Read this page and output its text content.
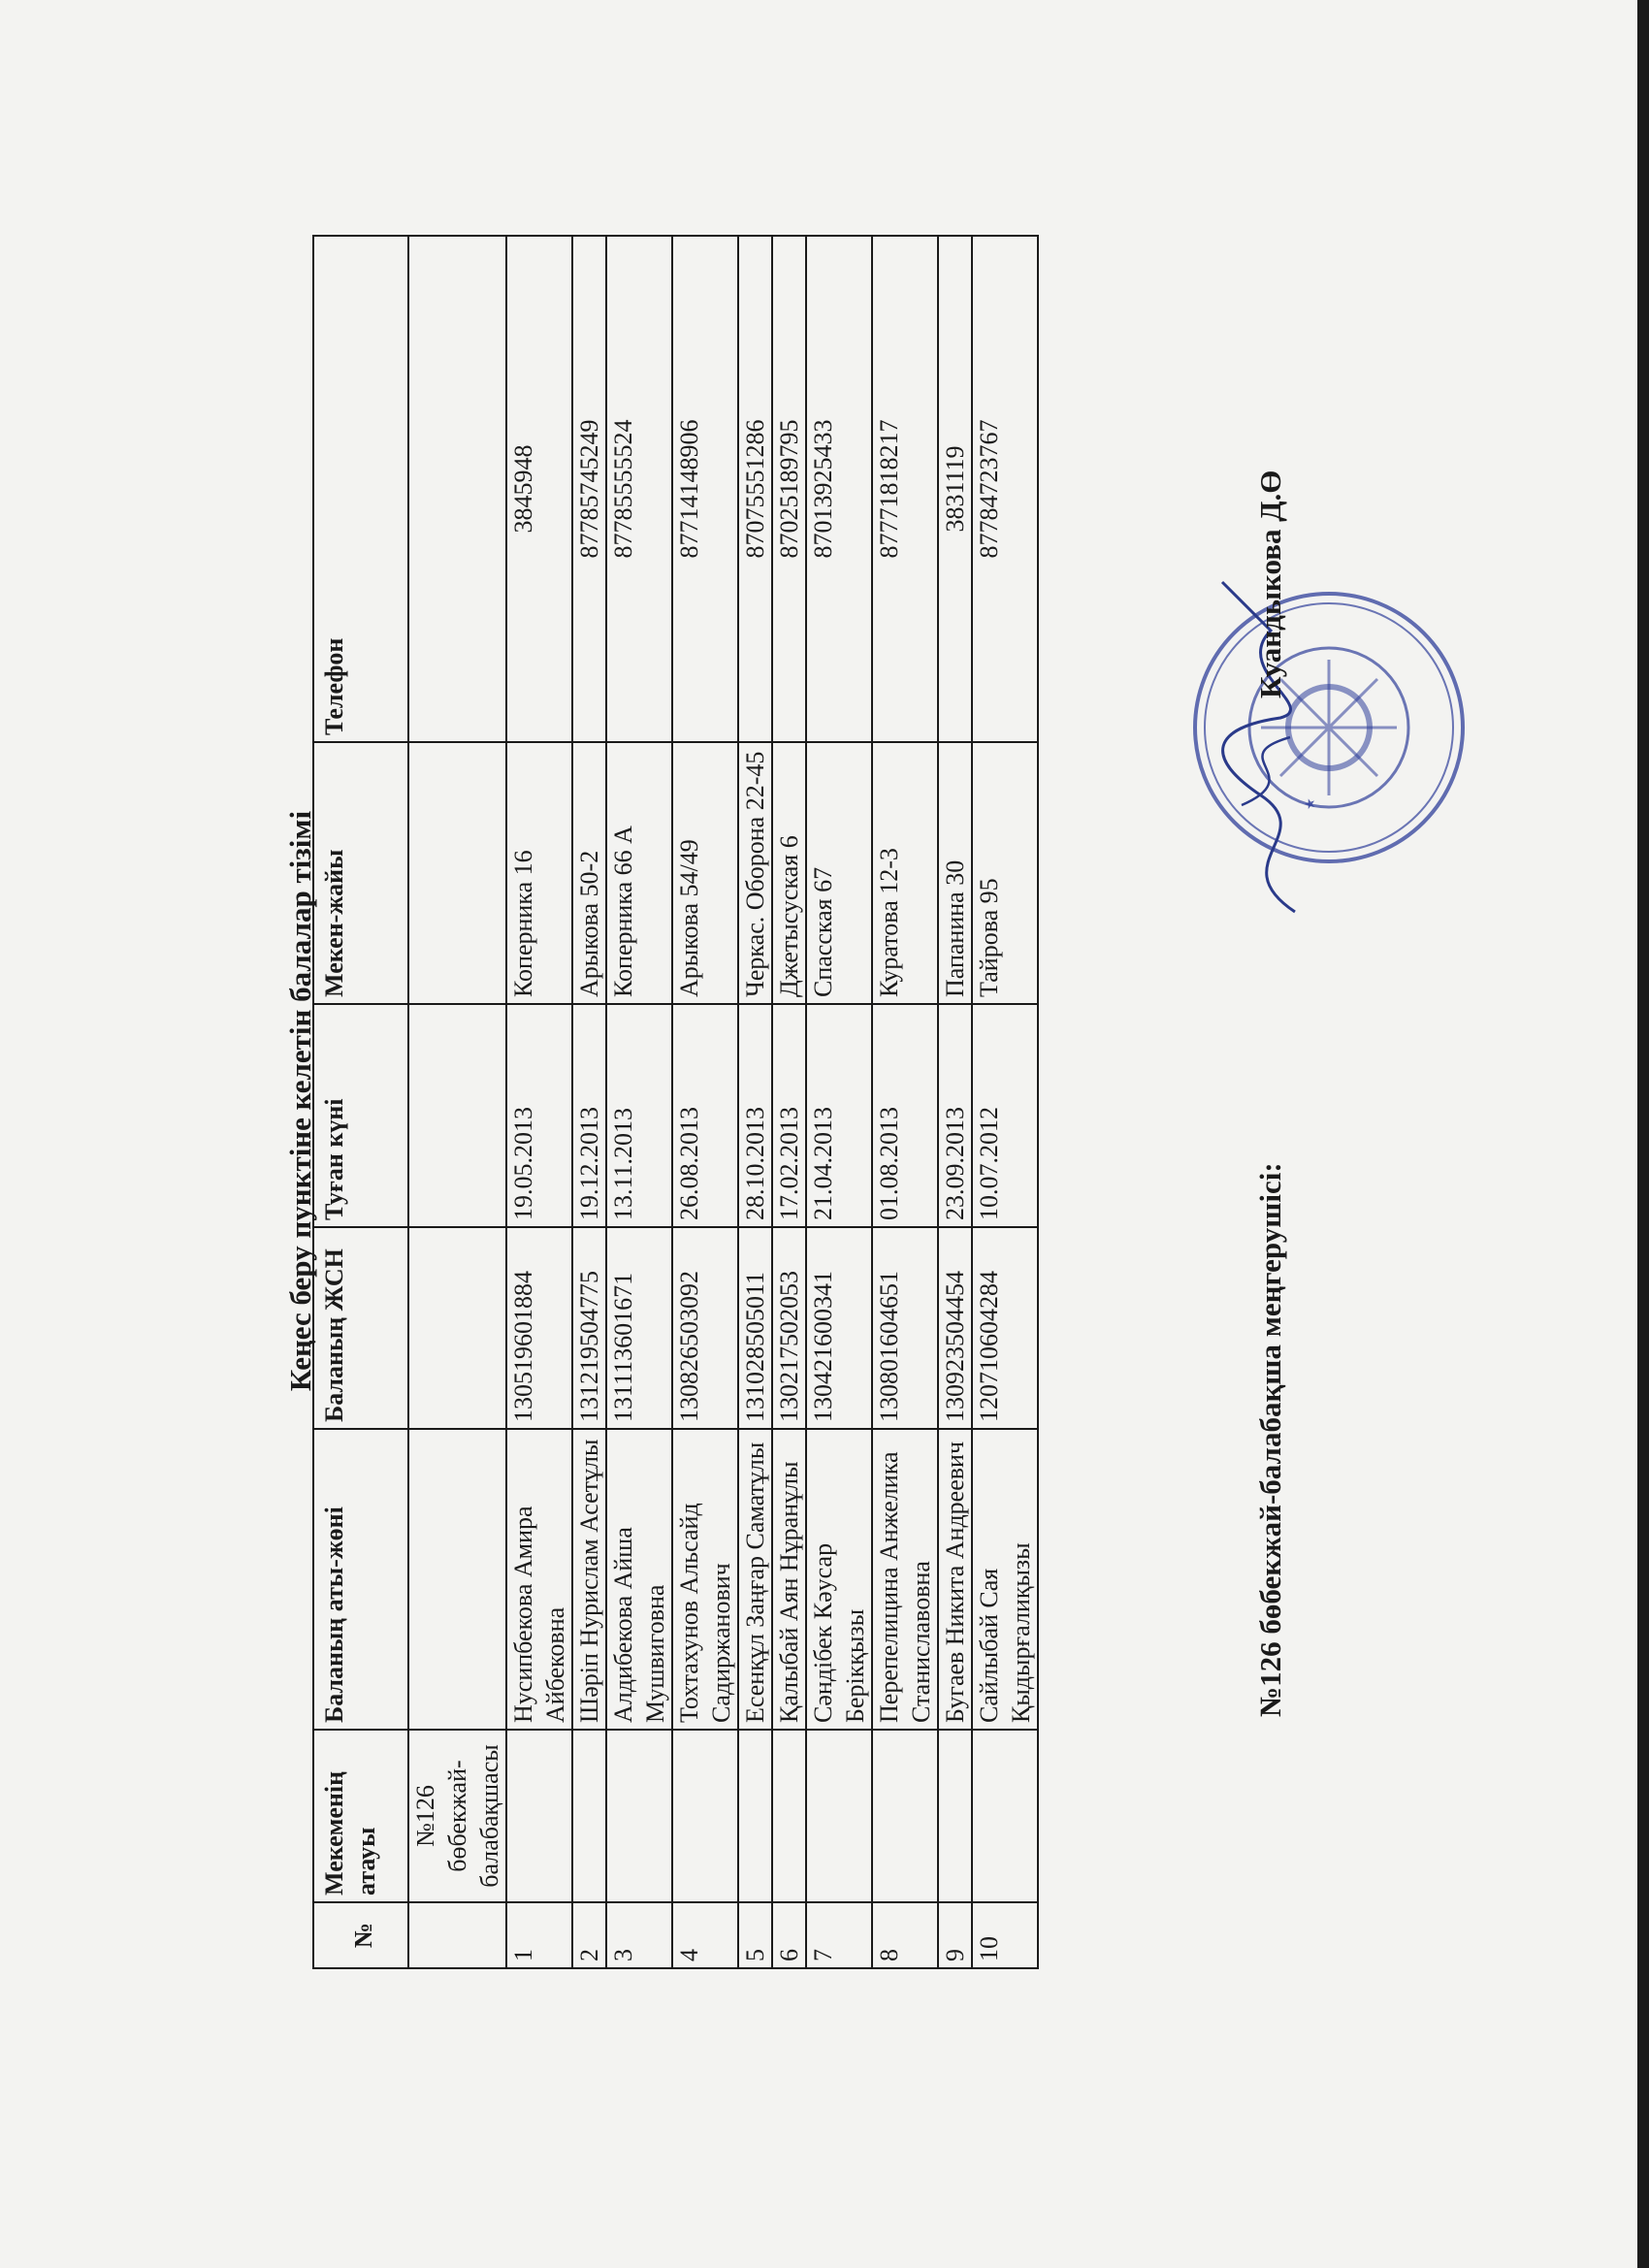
Кеңес беру пунктіне келетін балалар тізімі
№	Мекеменің атауы	Баланың аты-жөні	Баланың ЖСН	Туған күні	Мекен-жайы	Телефон

	№126 бөбекжай-балабақшасы					

1		Нусипбекова Амира Айбековна	130519601884	19.05.2013	Коперника 16	3845948
2		Шәріп Нурислам Асетұлы	131219504775	19.12.2013	Арыкова 50-2	87785745249
3		Алдибекова Айша Мушвиговна	131113601671	13.11.2013	Коперника 66 А	87785555524
4		Тохтахунов Альсайд Садиржанович	130826503092	26.08.2013	Арыкова 54/49	87714148906
5		Есенқұл Заңғар Саматұлы	131028505011	28.10.2013	Черкас. Оборона 22-45	87075551286
6		Қалыбай Аян Нұранұлы	130217502053	17.02.2013	Джетысуская 6	87025189795
7		Сәндібек Кәусар Берікқызы	130421600341	21.04.2013	Спасская 67	87013925433
8		Перепелицина Анжелика Станиславовна	130801604651	01.08.2013	Куратова 12-3	87771818217
9		Бугаев Никита Андреевич	130923504454	23.09.2013	Папанина 30	3831119
10		Сайлыбай Сая Қыдырғалиқызы	120710604284	10.07.2012	Тайрова 95	87784723767
★
№126 бөбекжай-балабақша меңгерушісі:
Куандыкова Д.Ө
